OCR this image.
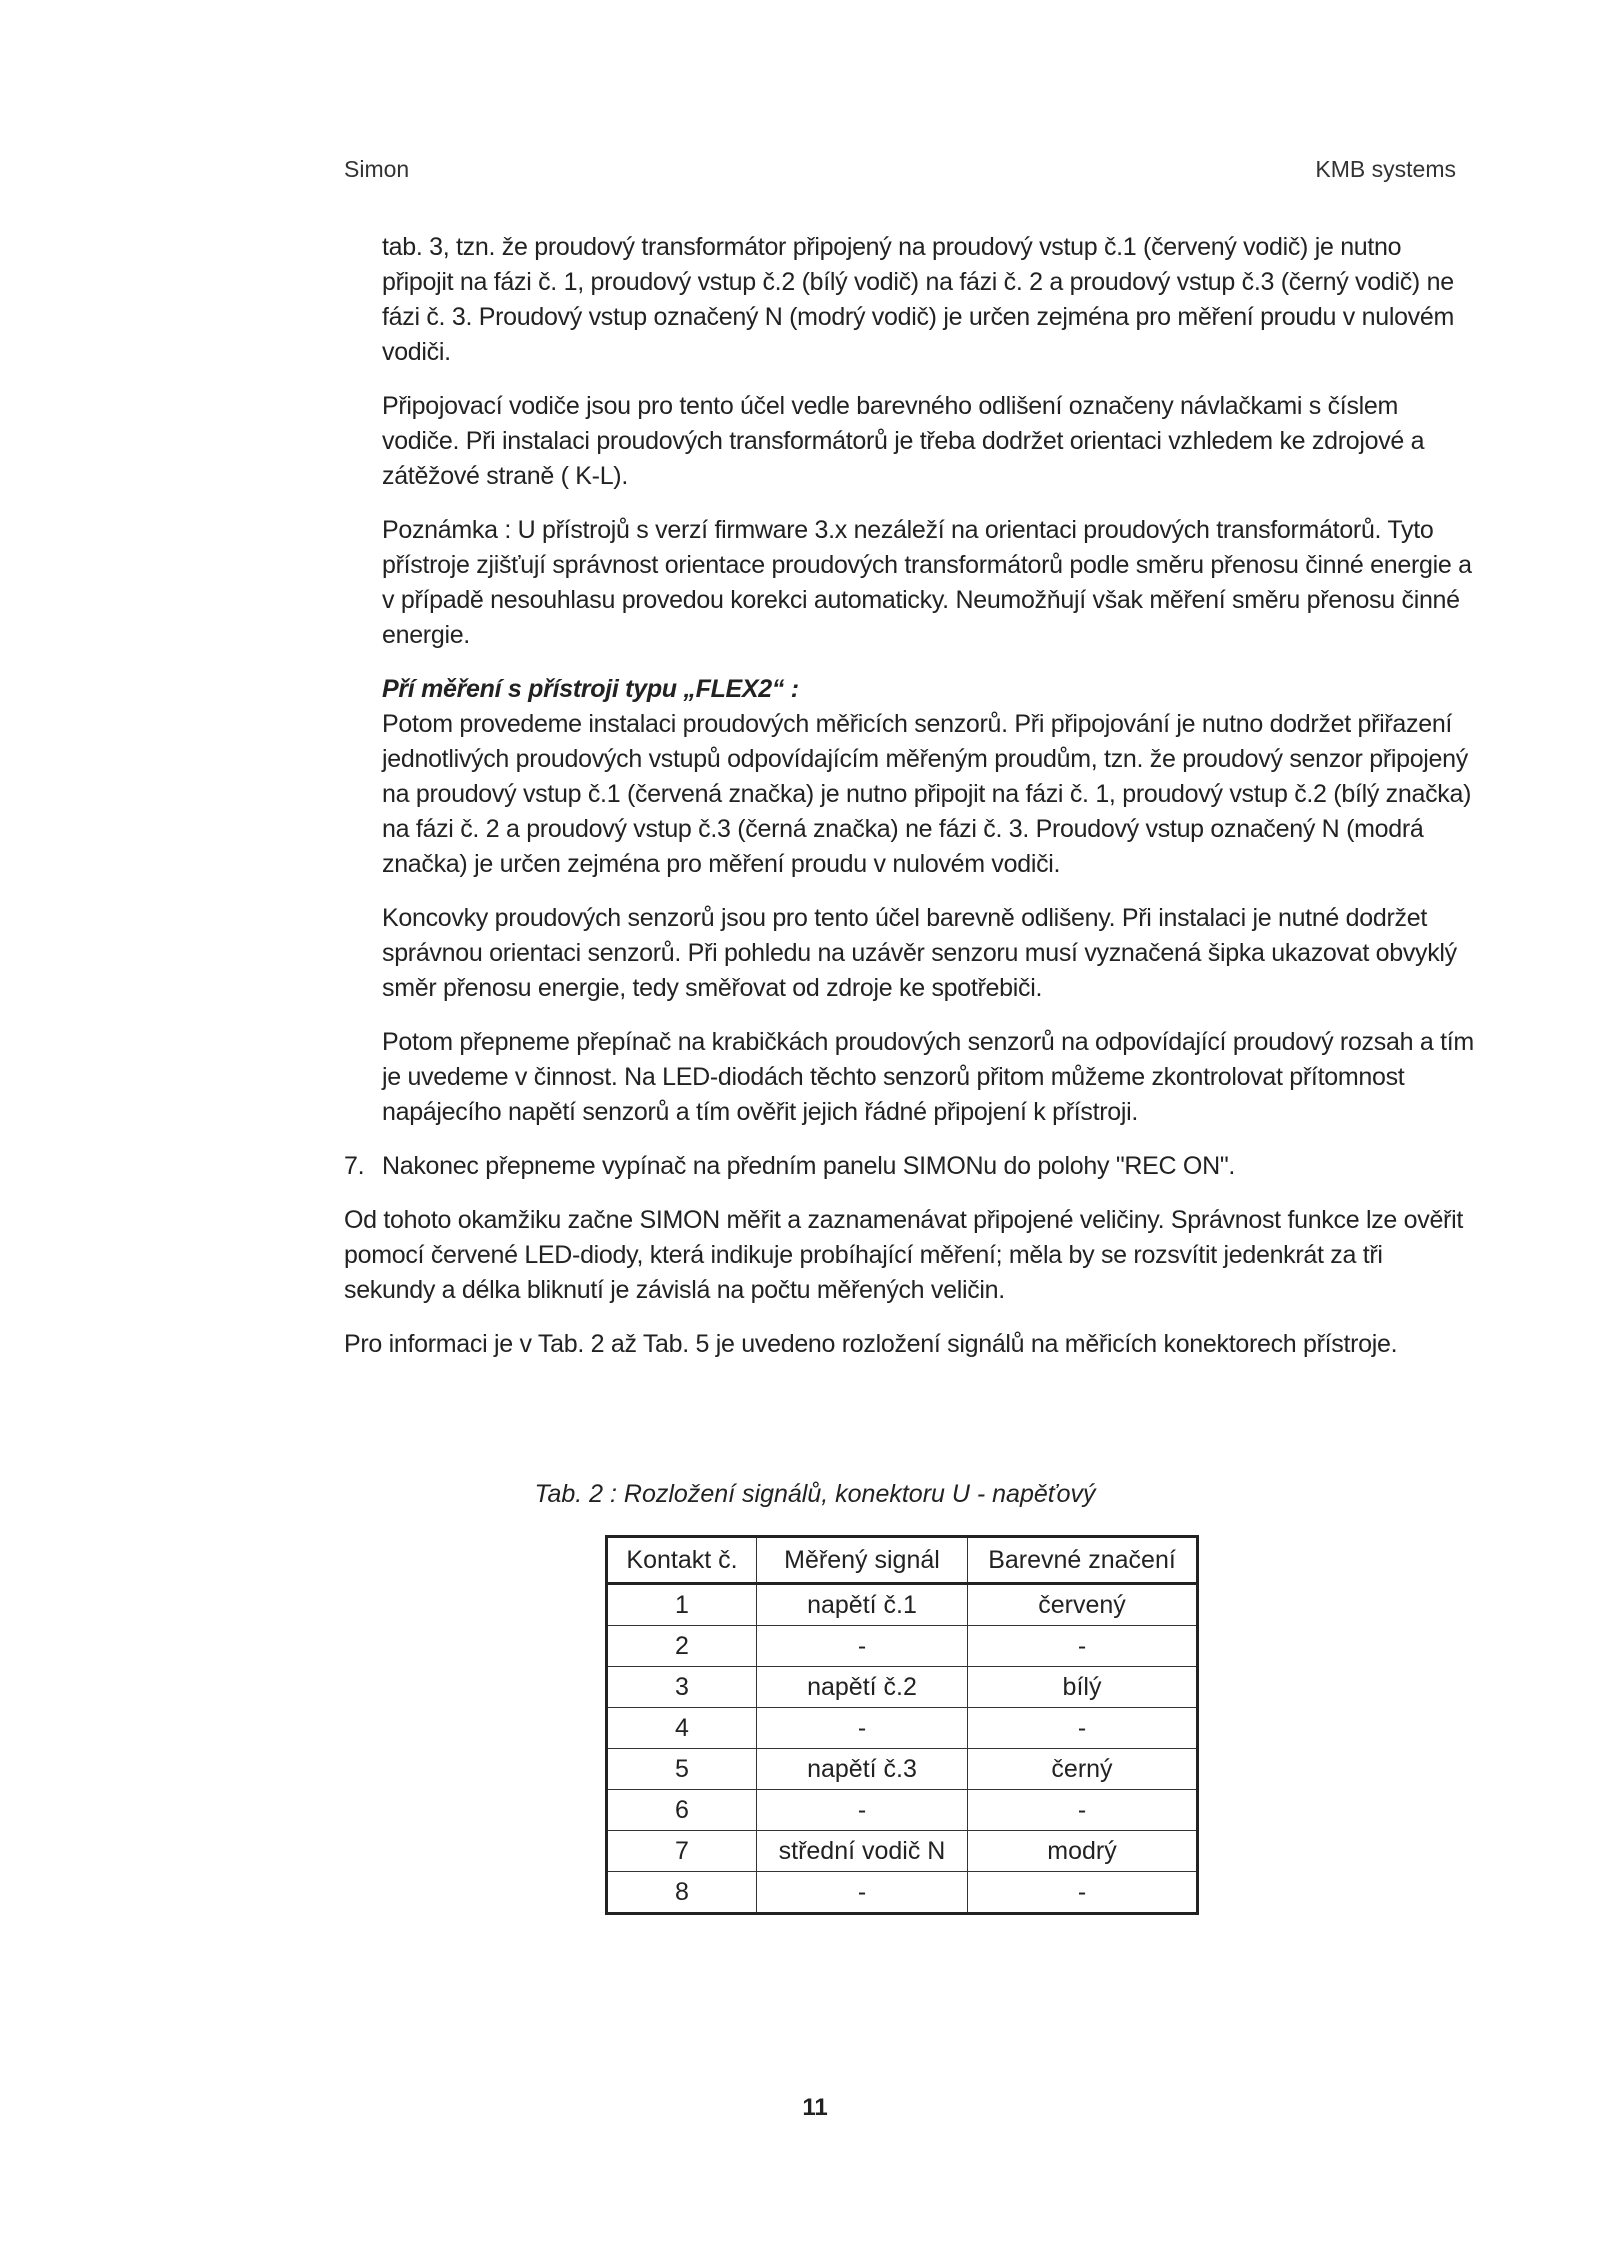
Simon	KMB systems

tab. 3, tzn. že proudový transformátor připojený na proudový vstup č.1 (červený vodič) je nutno připojit na fázi č. 1, proudový vstup č.2 (bílý vodič) na fázi č. 2 a proudový vstup č.3 (černý vodič) ne fázi č. 3. Proudový vstup označený N (modrý vodič) je určen zejména pro měření proudu v nulovém vodiči.

Připojovací vodiče jsou pro tento účel vedle barevného odlišení označeny návlačkami s číslem vodiče. Při instalaci proudových transformátorů je třeba dodržet orientaci vzhledem ke zdrojové a zátěžové straně ( K-L).

Poznámka : U přístrojů s verzí firmware 3.x nezáleží na orientaci proudových transformátorů. Tyto přístroje zjišťují správnost orientace proudových transformátorů podle směru přenosu činné energie a v případě nesouhlasu provedou korekci automaticky. Neumožňují však měření směru přenosu činné energie.

Pří měření s přístroji typu „FLEX2“ :

Potom provedeme instalaci proudových měřicích senzorů. Při připojování je nutno dodržet přiřazení jednotlivých proudových vstupů odpovídajícím měřeným proudům, tzn. že proudový senzor připojený na proudový vstup č.1 (červená značka) je nutno připojit na fázi č. 1, proudový vstup č.2 (bílý značka) na fázi č. 2 a proudový vstup č.3 (černá značka) ne fázi č. 3. Proudový vstup označený N (modrá značka) je určen zejména pro měření proudu v nulovém vodiči.

Koncovky proudových senzorů jsou pro tento účel barevně odlišeny. Při instalaci je nutné dodržet správnou orientaci senzorů. Při pohledu na uzávěr senzoru musí vyznačená šipka ukazovat obvyklý směr přenosu energie, tedy směřovat od zdroje ke spotřebiči.

Potom přepneme přepínač na krabičkách proudových senzorů na odpovídající proudový rozsah a tím je uvedeme v činnost. Na LED-diodách těchto senzorů přitom můžeme zkontrolovat přítomnost napájecího napětí senzorů a tím ověřit jejich řádné připojení k přístroji.

7. Nakonec přepneme vypínač na předním panelu SIMONu do polohy "REC ON".

Od tohoto okamžiku začne SIMON měřit a zaznamenávat připojené veličiny. Správnost funkce lze ověřit pomocí červené LED-diody, která indikuje probíhající měření; měla by se rozsvítit jedenkrát za tři sekundy a délka bliknutí je závislá na počtu měřených veličin.

Pro informaci je v Tab. 2 až Tab. 5 je uvedeno rozložení signálů na měřicích konektorech přístroje.

Tab. 2 : Rozložení signálů, konektoru U - napěťový
Kontakt č.	Měřený signál	Barevné značení
1	napětí č.1	červený
2	-	-
3	napětí č.2	bílý
4	-	-
5	napětí č.3	černý
6	-	-
7	střední vodič N	modrý
8	-	-
11
